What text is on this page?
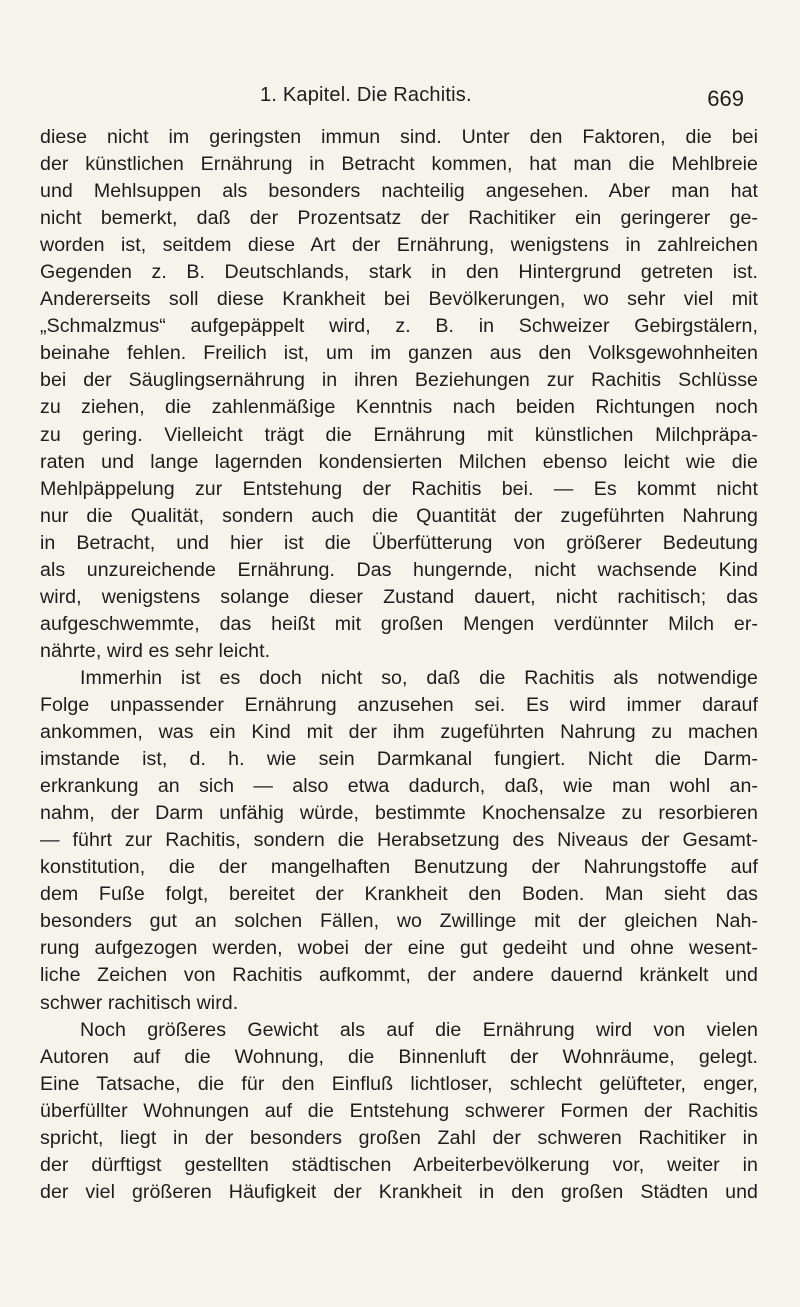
1. Kapitel. Die Rachitis.	669
diese nicht im geringsten immun sind. Unter den Faktoren, die bei
der künstlichen Ernährung in Betracht kommen, hat man die Mehlbreie
und Mehlsuppen als besonders nachteilig angesehen. Aber man hat
nicht bemerkt, daß der Prozentsatz der Rachitiker ein geringerer ge-
worden ist, seitdem diese Art der Ernährung, wenigstens in zahlreichen
Gegenden z. B. Deutschlands, stark in den Hintergrund getreten ist.
Andererseits soll diese Krankheit bei Bevölkerungen, wo sehr viel mit
„Schmalzmus“ aufgepäppelt wird, z. B. in Schweizer Gebirgstälern,
beinahe fehlen. Freilich ist, um im ganzen aus den Volksgewohnheiten
bei der Säuglingsernährung in ihren Beziehungen zur Rachitis Schlüsse
zu ziehen, die zahlenmäßige Kenntnis nach beiden Richtungen noch
zu gering. Vielleicht trägt die Ernährung mit künstlichen Milchpräpa-
raten und lange lagernden kondensierten Milchen ebenso leicht wie die
Mehlpäppelung zur Entstehung der Rachitis bei. — Es kommt nicht
nur die Qualität, sondern auch die Quantität der zugeführten Nahrung
in Betracht, und hier ist die Überfütterung von größerer Bedeutung
als unzureichende Ernährung. Das hungernde, nicht wachsende Kind
wird, wenigstens solange dieser Zustand dauert, nicht rachitisch; das
aufgeschwemmte, das heißt mit großen Mengen verdünnter Milch er-
nährte, wird es sehr leicht.
Immerhin ist es doch nicht so, daß die Rachitis als notwendige
Folge unpassender Ernährung anzusehen sei. Es wird immer darauf
ankommen, was ein Kind mit der ihm zugeführten Nahrung zu machen
imstande ist, d. h. wie sein Darmkanal fungiert. Nicht die Darm-
erkrankung an sich — also etwa dadurch, daß, wie man wohl an-
nahm, der Darm unfähig würde, bestimmte Knochensalze zu resorbieren
— führt zur Rachitis, sondern die Herabsetzung des Niveaus der Gesamt-
konstitution, die der mangelhaften Benutzung der Nahrungstoffe auf
dem Fuße folgt, bereitet der Krankheit den Boden. Man sieht das
besonders gut an solchen Fällen, wo Zwillinge mit der gleichen Nah-
rung aufgezogen werden, wobei der eine gut gedeiht und ohne wesent-
liche Zeichen von Rachitis aufkommt, der andere dauernd kränkelt und
schwer rachitisch wird.
Noch größeres Gewicht als auf die Ernährung wird von vielen
Autoren auf die Wohnung, die Binnenluft der Wohnräume, gelegt.
Eine Tatsache, die für den Einfluß lichtloser, schlecht gelüfteter, enger,
überfüllter Wohnungen auf die Entstehung schwerer Formen der Rachitis
spricht, liegt in der besonders großen Zahl der schweren Rachitiker in
der dürftigst gestellten städtischen Arbeiterbevölkerung vor, weiter in
der viel größeren Häufigkeit der Krankheit in den großen Städten und
